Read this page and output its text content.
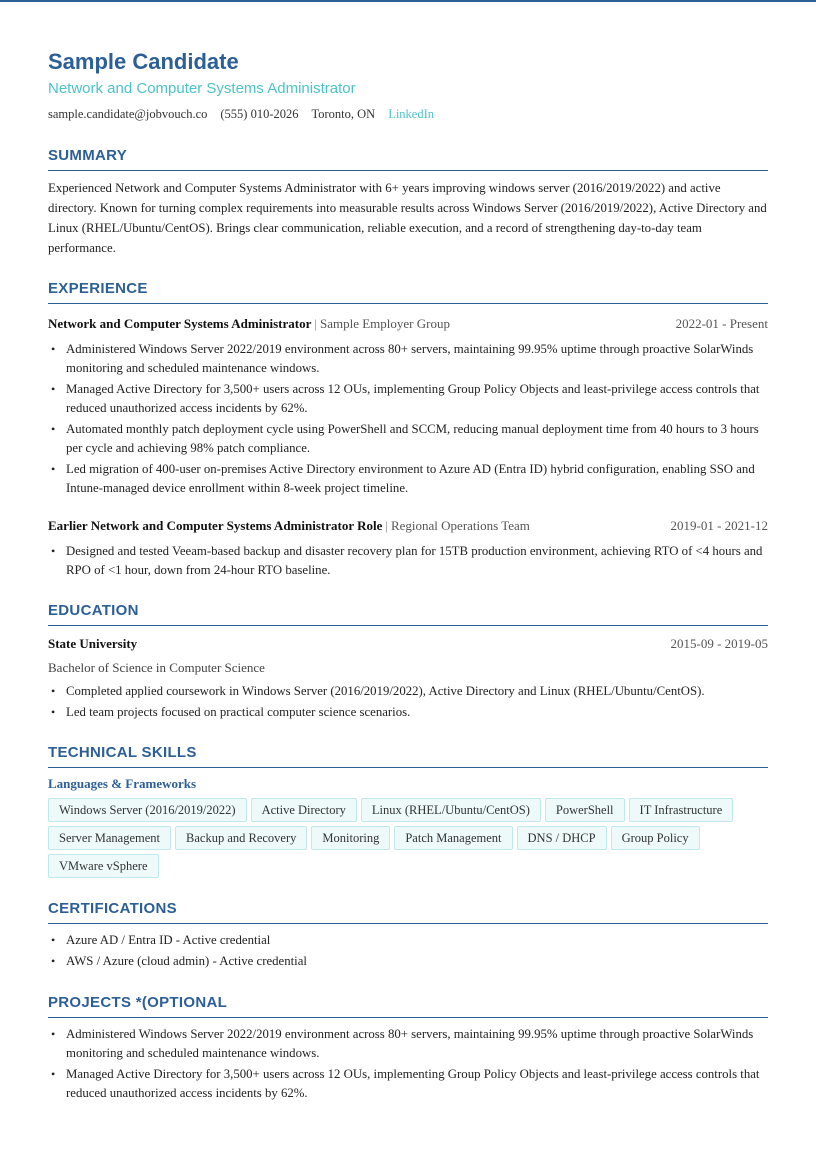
Sample Candidate
Network and Computer Systems Administrator
sample.candidate@jobvouch.co (555) 010-2026 Toronto, ON LinkedIn
SUMMARY
Experienced Network and Computer Systems Administrator with 6+ years improving windows server (2016/2019/2022) and active directory. Known for turning complex requirements into measurable results across Windows Server (2016/2019/2022), Active Directory and Linux (RHEL/Ubuntu/CentOS). Brings clear communication, reliable execution, and a record of strengthening day-to-day team performance.
EXPERIENCE
Network and Computer Systems Administrator | Sample Employer Group	2022-01 - Present
• Administered Windows Server 2022/2019 environment across 80+ servers, maintaining 99.95% uptime through proactive SolarWinds monitoring and scheduled maintenance windows.
• Managed Active Directory for 3,500+ users across 12 OUs, implementing Group Policy Objects and least-privilege access controls that reduced unauthorized access incidents by 62%.
• Automated monthly patch deployment cycle using PowerShell and SCCM, reducing manual deployment time from 40 hours to 3 hours per cycle and achieving 98% patch compliance.
• Led migration of 400-user on-premises Active Directory environment to Azure AD (Entra ID) hybrid configuration, enabling SSO and Intune-managed device enrollment within 8-week project timeline.
Earlier Network and Computer Systems Administrator Role | Regional Operations Team	2019-01 - 2021-12
• Designed and tested Veeam-based backup and disaster recovery plan for 15TB production environment, achieving RTO of <4 hours and RPO of <1 hour, down from 24-hour RTO baseline.
EDUCATION
State University	2015-09 - 2019-05
Bachelor of Science in Computer Science
• Completed applied coursework in Windows Server (2016/2019/2022), Active Directory and Linux (RHEL/Ubuntu/CentOS).
• Led team projects focused on practical computer science scenarios.
TECHNICAL SKILLS
Languages & Frameworks
Windows Server (2016/2019/2022)	Active Directory	Linux (RHEL/Ubuntu/CentOS)	PowerShell	IT Infrastructure
Server Management	Backup and Recovery	Monitoring	Patch Management	DNS / DHCP	Group Policy
VMware vSphere
CERTIFICATIONS
• Azure AD / Entra ID - Active credential
• AWS / Azure (cloud admin) - Active credential
PROJECTS *(OPTIONAL
• Administered Windows Server 2022/2019 environment across 80+ servers, maintaining 99.95% uptime through proactive SolarWinds monitoring and scheduled maintenance windows.
• Managed Active Directory for 3,500+ users across 12 OUs, implementing Group Policy Objects and least-privilege access controls that reduced unauthorized access incidents by 62%.
